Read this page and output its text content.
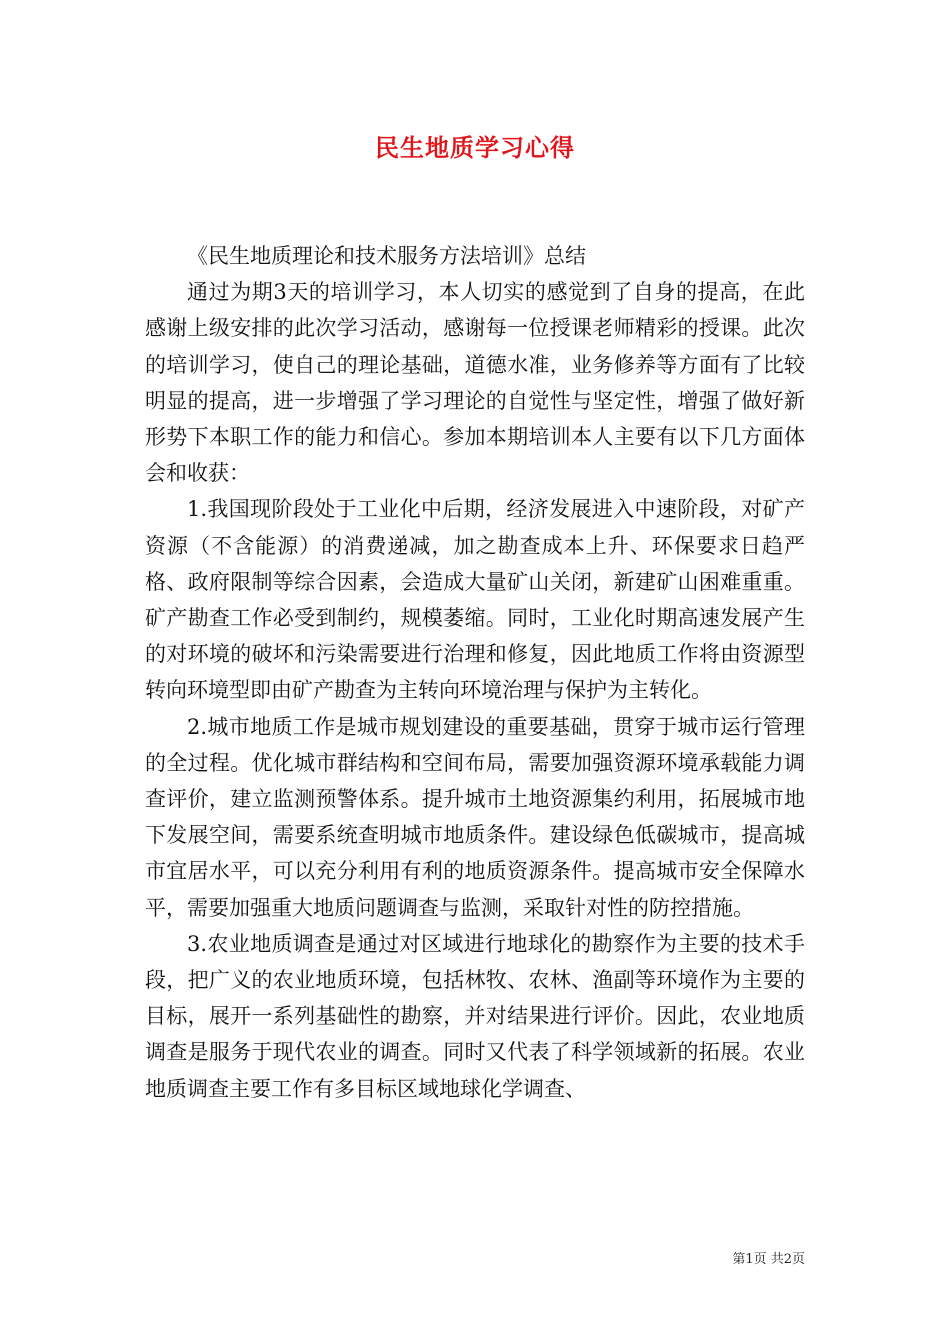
民生地质学习心得

《民生地质理论和技术服务方法培训》总结

通过为期3天的培训学习，本人切实的感觉到了自身的提高，在此感谢上级安排的此次学习活动，感谢每一位授课老师精彩的授课。此次的培训学习，使自己的理论基础，道德水准，业务修养等方面有了比较明显的提高，进一步增强了学习理论的自觉性与坚定性，增强了做好新形势下本职工作的能力和信心。参加本期培训本人主要有以下几方面体会和收获：

1.我国现阶段处于工业化中后期，经济发展进入中速阶段，对矿产资源（不含能源）的消费递减，加之勘查成本上升、环保要求日趋严格、政府限制等综合因素，会造成大量矿山关闭，新建矿山困难重重。矿产勘查工作必受到制约，规模萎缩。同时，工业化时期高速发展产生的对环境的破坏和污染需要进行治理和修复，因此地质工作将由资源型转向环境型即由矿产勘查为主转向环境治理与保护为主转化。

2.城市地质工作是城市规划建设的重要基础，贯穿于城市运行管理的全过程。优化城市群结构和空间布局，需要加强资源环境承载能力调查评价，建立监测预警体系。提升城市土地资源集约利用，拓展城市地下发展空间，需要系统查明城市地质条件。建设绿色低碳城市，提高城市宜居水平，可以充分利用有利的地质资源条件。提高城市安全保障水平，需要加强重大地质问题调查与监测，采取针对性的防控措施。

3.农业地质调查是通过对区域进行地球化的勘察作为主要的技术手段，把广义的农业地质环境，包括林牧、农林、渔副等环境作为主要的目标，展开一系列基础性的勘察，并对结果进行评价。因此，农业地质调查是服务于现代农业的调查。同时又代表了科学领域新的拓展。农业地质调查主要工作有多目标区域地球化学调查、

第1页 共2页
